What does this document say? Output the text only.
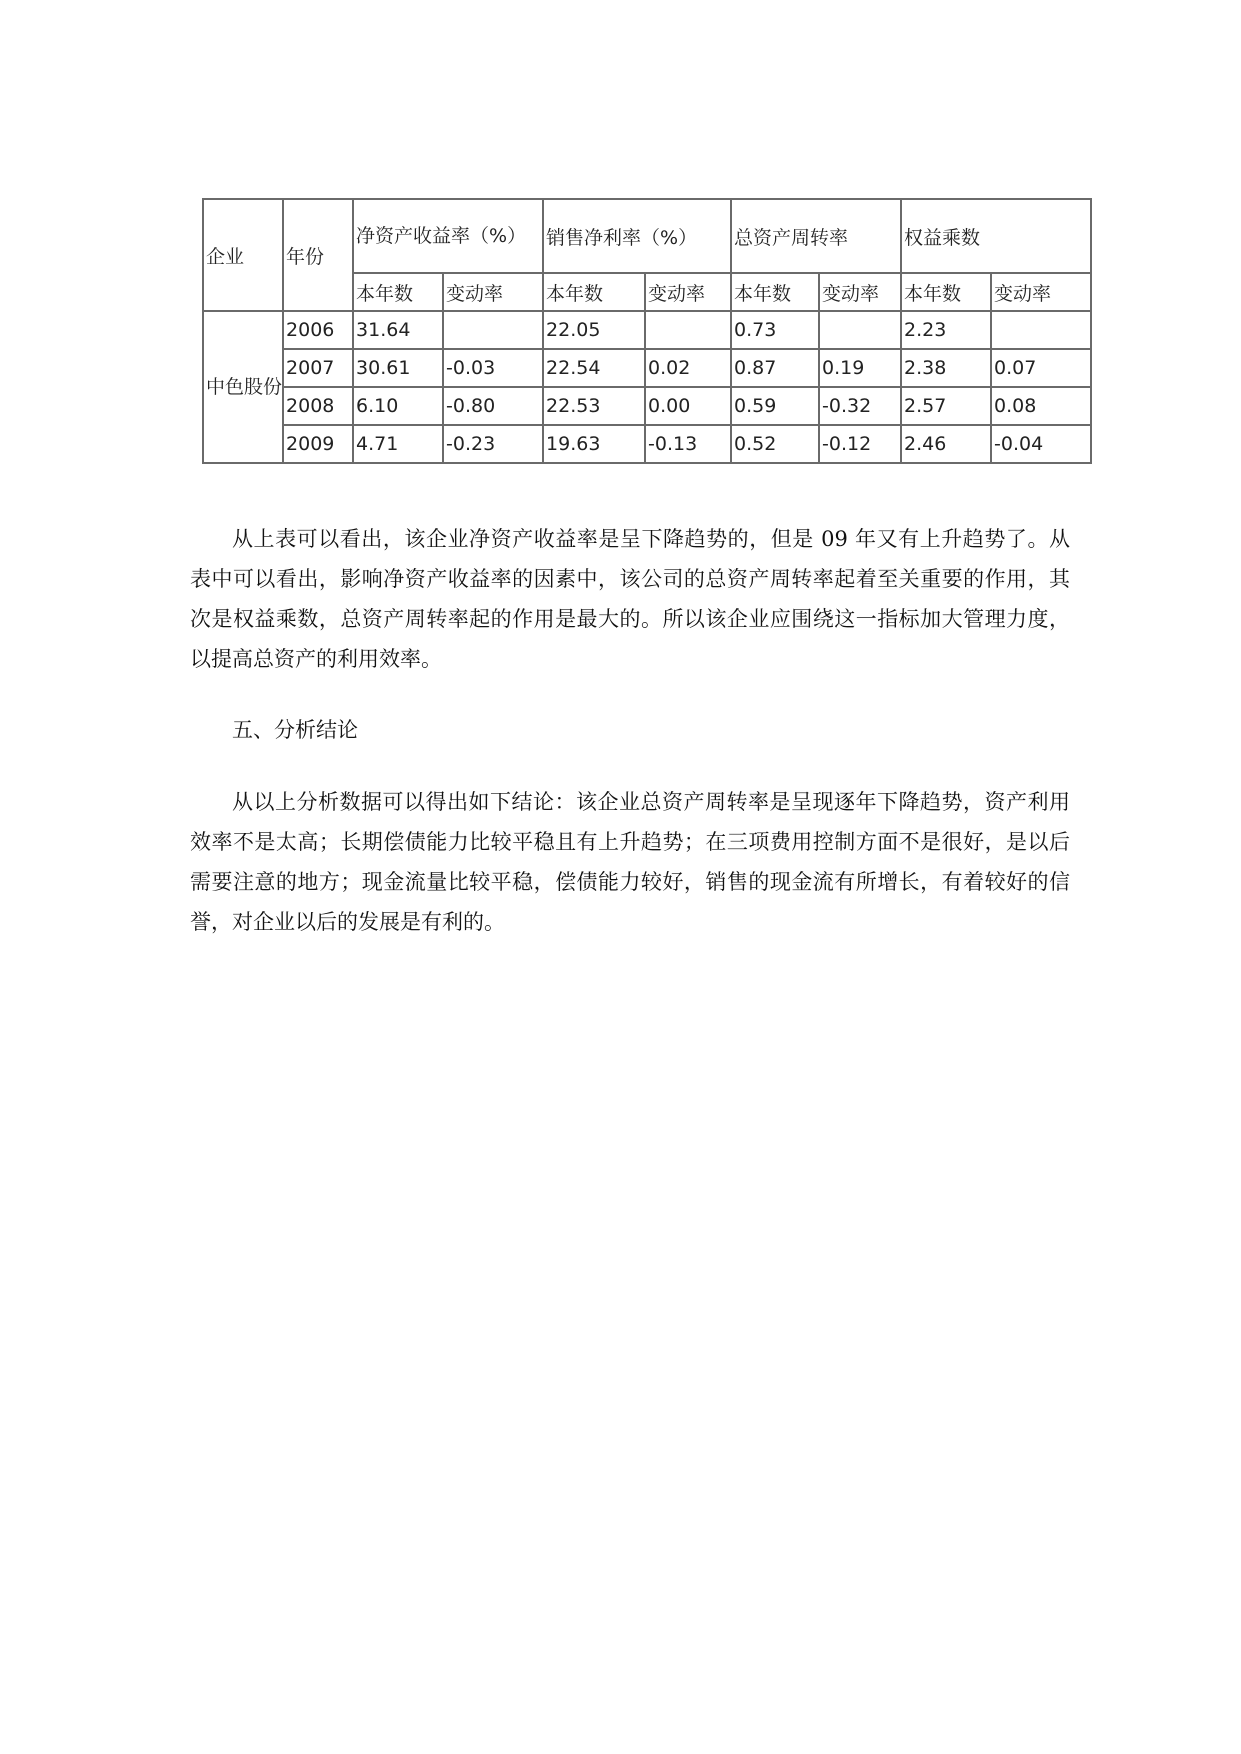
企业	年份	净资产收益率（%）		销售净利率（%）		总资产周转率		权益乘数	
		本年数	变动率	本年数	变动率	本年数	变动率	本年数	变动率
中色股份	2006	31.64		22.05		0.73		2.23	
	2007	30.61	-0.03	22.54	0.02	0.87	0.19	2.38	0.07
	2008	6.10	-0.80	22.53	0.00	0.59	-0.32	2.57	0.08
	2009	4.71	-0.23	19.63	-0.13	0.52	-0.12	2.46	-0.04

从上表可以看出，该企业净资产收益率是呈下降趋势的，但是 09 年又有上升趋势了。从表中可以看出，影响净资产收益率的因素中，该公司的总资产周转率起着至关重要的作用，其次是权益乘数，总资产周转率起的作用是最大的。所以该企业应围绕这一指标加大管理力度，以提高总资产的利用效率。

五、分析结论

从以上分析数据可以得出如下结论：该企业总资产周转率是呈现逐年下降趋势，资产利用效率不是太高；长期偿债能力比较平稳且有上升趋势；在三项费用控制方面不是很好，是以后需要注意的地方；现金流量比较平稳，偿债能力较好，销售的现金流有所增长，有着较好的信誉，对企业以后的发展是有利的。
